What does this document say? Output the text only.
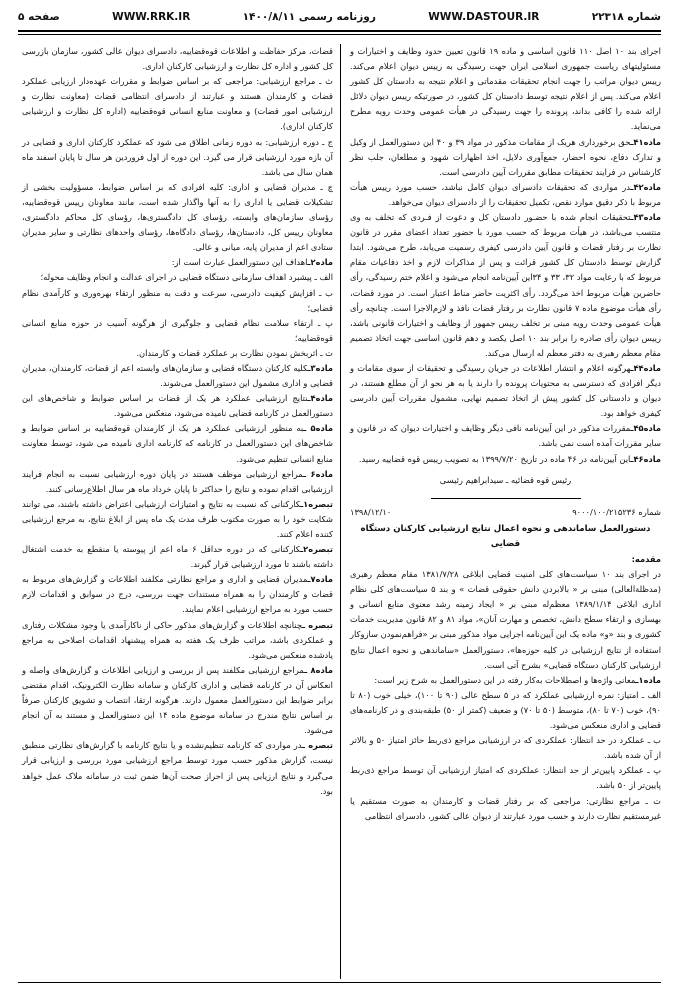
شماره ۲۲۳۱۸
WWW.DASTOUR.IR
روزنامه رسمی ۱۴۰۰/۸/۱۱
WWW.RRK.IR
صفحه ۵

اجرای بند ۱۰ اصل ۱۱۰ قانون اساسی و ماده ۱۹ قانون تعیین حدود وظایف و اختیارات و مسئولیتهای ریاست جمهوری اسلامی ایران جهت رسیدگی به رییس دیوان اعلام می‌کند. رییس دیوان مراتب را جهت انجام تحقیقات مقدماتی و اعلام نتیجه به دادستان کل کشور اعلام می‌کند. پس از اعلام نتیجه توسط دادستان کل کشور، در صورتیکه رییس دیوان دلائل ارائه شده را کافی بداند، پرونده را جهت رسیدگی در هیأت عمومی وحدت رویه مطرح می‌نماید.

ماده۴۱ـحق برخورداری هریک از مقامات مذکور در مواد ۳۹ و ۴۰ این دستورالعمل از وکیل و تدارک دفاع، نحوه احضار، جمع‌آوری دلایل، اخذ اظهارات شهود و مطلعان، جلب نظر کارشناس در فرایند تحقیقات مطابق مقررات آیین دادرسی است.

ماده۴۲ـدر مواردی که تحقیقات دادسرای دیوان کامل نباشد، حسب مورد رییس هیأت مربوط با ذکر دقیق موارد نقص، تکمیل تحقیقات را از دادسرای دیوان می‌خواهد.

ماده۴۳ـتحقیقات انجام شده با حضـور دادستان کل و دعوت از فـردی که تخلف به وی منتسب می‌باشد، در هیأت مربوط که حسب مورد با حضور تعداد اعضای مقرر در قانون نظارت بر رفتار قضات و قانون آیین دادرسی کیفری رسمیت می‌یابد، طرح می‌شود. ابتدا گزارش توسط دادستان کل کشور قرائت و پس از مذاکرات لازم و اخذ دفاعیات مقام مربوط که با رعایت مواد ۳۲، ۳۳ و ۳۴این آیین‌نامه انجام می‌شود و اعلام ختم رسیدگی، رأی حاضرین هیأت مربوط اخذ می‌گردد. رأی اکثریت حاضر مناط اعتبار است. در مورد قضات، رأی هیأت موضوع ماده ۷ قانون نظارت بر رفتار قضات نافذ و لازم‌الاجرا است. چنانچه رأی هیأت عمومی وحدت رویه مبنی بر تخلف رییس جمهور از وظایف و اختیارات قانونی باشد، رییس دیوان رأی صادره را برابر بند ۱۰ اصل یکصد و دهم قانون اساسی جهت اتخاذ تصمیم مقام معظم رهبری به دفتر معظم له ارسال می‌کند.

ماده۴۴ـهرگونه اعلام و انتشار اطلاعات در جریان رسیدگی و تحقیقات از سوی مقامات و دیگر افرادی که دسترسی به محتویات پرونده را دارند یا به هر نحو از آن مطلع هستند، در دیوان و دادستانی کل کشور پیش از اتخاذ تصمیم نهایی، مشمول مقررات آیین دادرسی کیفری خواهد بود.

ماده۴۵ـمقررات مذکور در این آیین‌نامه نافی دیگر وظایف و اختیارات دیوان که در قانون و سایر مقررات آمده است نمی باشد.

ماده۴۶ـاین آیین‌نامه در ۴۶ ماده در تاریخ ۱۳۹۹/۷/۲۰ به تصویب رییس قوه قضاییه رسید.

رئیس قوه قضائیه ـ سیدابراهیم رئیسی

شماره ۹۰۰۰/۱۰۰/۲۱۵۲۳۶
۱۳۹۸/۱۲/۱۰

دستورالعمل ساماندهی و نحوه اعمال نتایج ارزشیابی کارکنان دستگاه قضایی

مقدمه:

در اجرای بند ۱۰ سیاست‌های کلی امنیت قضایی ابلاغی ۱۳۸۱/۷/۲۸ مقام معظم رهبری (مدظلةالعالی) مبنی بر « بالابردن دانش حقوقی قضات » و بند ۵ سیاست‌های کلی نظام اداری ابلاغی ۱۳۸۹/۱/۱۴ معظم‌له مبنی بر « ایجاد زمینه رشد معنوی منابع انسانی و بهسازی و ارتقاء سطح دانش، تخصص و مهارت آنان»، مواد ۸۱ و ۸۲ قانون مدیریت خدمات کشوری و بند «و» ماده یک این آیین‌نامه اجرایی مواد مذکور مبنی بر «فراهم‌نمودن سازوکار استفاده از نتایج ارزشیابی در کلیه حوزه‌ها»، دستورالعمل «ساماندهی و نحوه اعمال نتایج ارزشیابی کارکنان دستگاه قضایی» بشرح آتی است.

ماده۱ـمعانی واژه‌ها و اصطلاحات به‌کار رفته در این دستورالعمل به شرح زیر است:

الف ـ امتیاز: نمره ارزشیابی عملکرد که در ۵ سطح عالی (۹۰ تا ۱۰۰)، خیلی خوب (۸۰ تا ۹۰)، خوب (۷۰ تا ۸۰)، متوسط (۵۰ تا ۷۰) و ضعیف (کمتر از ۵۰) طبقه‌بندی و در کارنامه‌های قضایی و اداری منعکس می‌شود.

ب ـ عملکرد در حد انتظار: عملکردی که در ارزشیابی مراجع ذی‌ربط حائز امتیاز ۵۰ و بالاتر از آن شده باشد.

پ ـ عملکرد پایین‌تر از حد انتظار: عملکردی که امتیاز ارزشیابی آن توسط مراجع ذی‌ربط پایین‌تر از ۵۰ باشد.

ت ـ مراجع نظارتی: مراجعی که بر رفتار قضات و کارمندان به صورت مستقیم یا غیرمستقیم نظارت دارند و حسب مورد عبارتند از دیوان عالی کشور، دادسرای انتظامی

قضات، مرکز حفاظت و اطلاعات قوه‌قضاییه، دادسرای دیوان عالی کشور، سازمان بازرسی کل کشور و اداره کل نظارت و ارزشیابی کارکنان اداری.

ث ـ مراجع ارزشیابی: مراجعی که بر اساس ضوابط و مقررات عهده‌دار ارزیابی عملکرد قضات و کارمندان هستند و عبارتند از دادسرای انتظامی قضات (معاونت نظارت و ارزشیابی امور قضات) و معاونت منابع انسانی قوه‌قضاییه (اداره کل نظارت و ارزشیابی کارکنان اداری).

ج ـ دوره ارزشیابی: به دوره زمانی اطلاق می شود که عملکرد کارکنان اداری و قضایی در آن بازه مورد ارزشیابی قرار می گیرد. این دوره از اول فروردین هر سال تا پایان اسفند ماه همان سال می باشد.

چ ـ مدیران قضایی و اداری: کلیه افرادی که بر اساس ضوابط، مسؤولیت بخشی از تشکیلات قضایی یا اداری را به آنها واگذار شده است، مانند معاونان رییس قوه‌قضاییه، رؤسای سازمان‌های وابسته، رؤسای کل دادگستری‌ها، رؤسای کل محاکم دادگستری، معاونان رییس کل، دادستان‌ها، رؤسای دادگاه‌ها، رؤسای واحدهای نظارتی و سایر مدیران ستادی اعم از مدیران پایه، میانی و عالی.

ماده۲ـاهداف این دستورالعمل عبارت است از:

الف ـ پیشبرد اهداف سازمانی دستگاه قضایی در اجرای عدالت و انجام وظایف محوله؛

ب ـ افزایش کیفیت دادرسی، سرعت و دقت به منظور ارتقاء بهره‌وری و کارآمدی نظام قضایی؛

پ ـ ارتقاء سلامت نظام قضایی و جلوگیری از هرگونه آسیب در حوزه منابع انسانی قوه‌قضاییه؛

ت ـ اثربخش نمودن نظارت بر عملکرد قضات و کارمندان.

ماده۳ـکلیه کارکنان دستگاه قضایی و سازمان‌های وابسته اعم از قضات، کارمندان، مدیران قضایی و اداری مشمول این دستورالعمل می‌شوند.

ماده۴ـنتایج ارزشیابی عملکرد هر یک از قضات بر اساس ضوابط و شاخص‌های این دستورالعمل در کارنامه قضایی نامیده می‌شود، منعکس می‌شود.

ماده۵ ـبه منظور ارزشیابی عملکرد هر یک از کارمندان قوه‌قضاییه بر اساس ضوابط و شاخص‌های این دستورالعمل در کارنامه که کارنامه اداری نامیده می شود، توسط معاونت منابع انسانی تنظیم می‌شود.

ماده۶ ـمراجع ارزشیابی موظف هستند در پایان دوره ارزشیابی نسبت به انجام فرایند ارزشیابی اقدام نموده و نتایج را حداکثر تا پایان خرداد ماه هر سال اطلاع‌رسانی کنند.

تبصره۱ـکارکنانی که نسبت به نتایج و امتیازات ارزشیابی اعتراض داشته باشند، می توانند شکایت خود را به صورت مکتوب ظرف مدت یک ماه پس از ابلاغ نتایج، به مرجع ارزشیابی کننده اعلام کنند.

تبصره۲ـکارکنانی که در دوره حداقل ۶ ماه اعم از پیوسته یا منقطع به خدمت اشتغال داشته باشند تا مورد ارزشیابی قرار گیرند.

ماده۷ـمدیران قضایی و اداری و مراجع نظارتی مکلفند اطلاعات و گزارش‌های مربوط به قضات و کارمندان را به همراه مستندات جهت بررسی، درج در سوابق و اقدامات لازم حسب مورد به مراجع ارزشیابی اعلام نمایند.

تبصره ـچنانچه اطلاعات و گزارش‌های مذکور حاکی از ناکارآمدی یا وجود مشکلات رفتاری و عملکردی باشد، مراتب ظرف یک هفته به همراه پیشنهاد اقدامات اصلاحی به مراجع یادشده منعکس می‌شود.

ماده۸ ـمراجع ارزشیابی مکلفند پس از بررسی و ارزیابی اطلاعات و گزارش‌های واصله و انعکاس آن در کارنامه قضایی و اداری کارکنان و سامانه نظارت الکترونیک، اقدام مقتضی برابر ضوابط این دستورالعمل معمول دارند. هرگونه ارتقا، انتصاب و تشویق کارکنان صرفاً بر اساس نتایج مندرج در سامانه موضوع ماده ۱۴ این دستورالعمل و مستند به آن انجام می‌شود.

تبصره ـدر مواردی که کارنامه تنظیم‌نشده و یا نتایج کارنامه با گزارش‌های نظارتی منطبق نیست، گزارش مذکور حسب مورد توسط مراجع ارزشیابی مورد بررسی و ارزیابی قرار می‌گیرد و نتایج ارزیابی پس از احراز صحت آن‌ها ضمن ثبت در سامانه ملاک عمل خواهد بود.
